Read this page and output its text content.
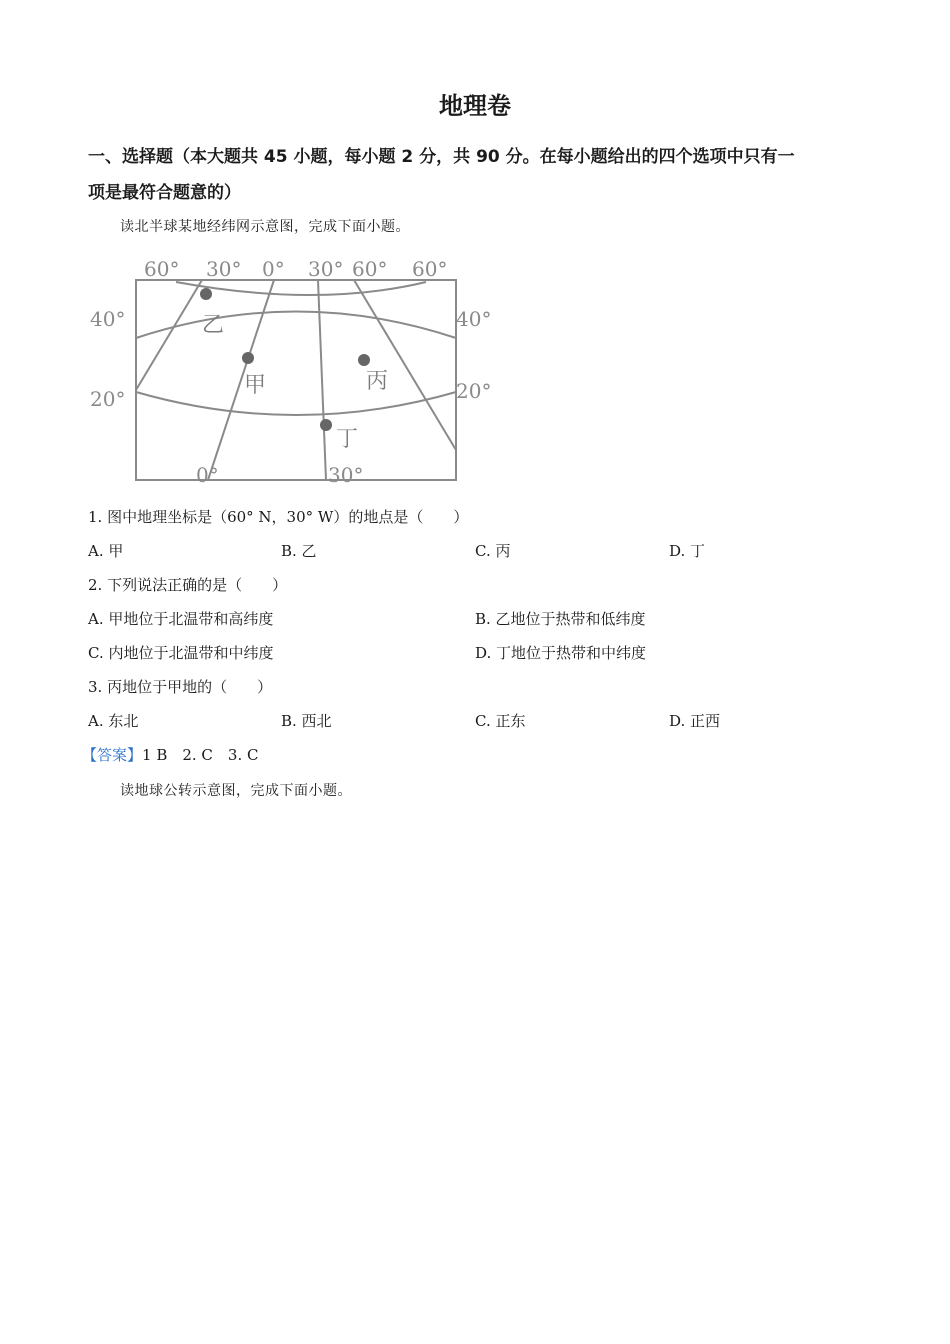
地理卷
一、选择题（本大题共 45 小题，每小题 2 分，共 90 分。在每小题给出的四个选项中只有一
项是最符合题意的）
读北半球某地经纬网示意图，完成下面小题。
乙
甲	丙
丁
60° 30° 0° 30° 60° 60°
40°
20°
40°
20°
0°	30°
1. 图中地理坐标是（60° N，30° W）的地点是（　　）
A. 甲	B. 乙	C. 丙	D. 丁
2. 下列说法正确的是（　　）
A. 甲地位于北温带和高纬度	B. 乙地位于热带和低纬度
C. 内地位于北温带和中纬度	D. 丁地位于热带和中纬度
3. 丙地位于甲地的（　　）
A. 东北	B. 西北	C. 正东	D. 正西
【答案】1 B　2. C　3. C
读地球公转示意图，完成下面小题。
